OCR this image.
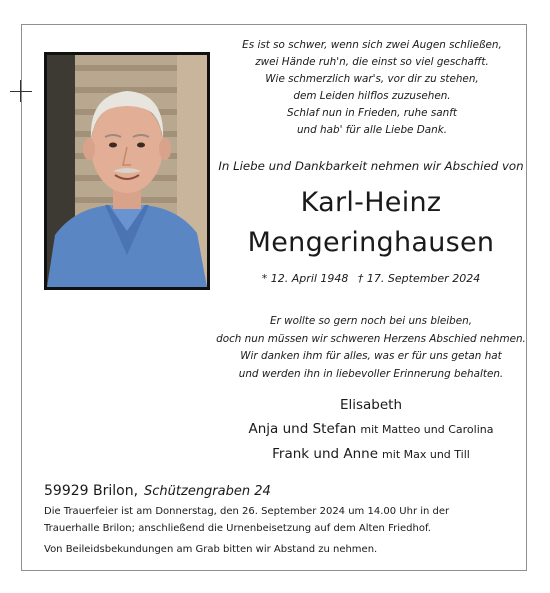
Es ist so schwer, wenn sich zwei Augen schließen,
zwei Hände ruh'n, die einst so viel geschafft.
Wie schmerzlich war's, vor dir zu stehen,
dem Leiden hilflos zuzusehen.
Schlaf nun in Frieden, ruhe sanft
und hab' für alle Liebe Dank.
In Liebe und Dankbarkeit nehmen wir Abschied von
Karl-Heinz
Mengeringhausen
* 12. April 1948 † 17. September 2024
Er wollte so gern noch bei uns bleiben,
doch nun müssen wir schweren Herzens Abschied nehmen.
Wir danken ihm für alles, was er für uns getan hat
und werden ihn in liebevoller Erinnerung behalten.
Elisabeth
Anja und Stefan mit Matteo und Carolina
Frank und Anne mit Max und Till
59929 Brilon, Schützengraben 24
Die Trauerfeier ist am Donnerstag, den 26. September 2024 um 14.00 Uhr in der
Trauerhalle Brilon; anschließend die Urnenbeisetzung auf dem Alten Friedhof.
Von Beileidsbekundungen am Grab bitten wir Abstand zu nehmen.
